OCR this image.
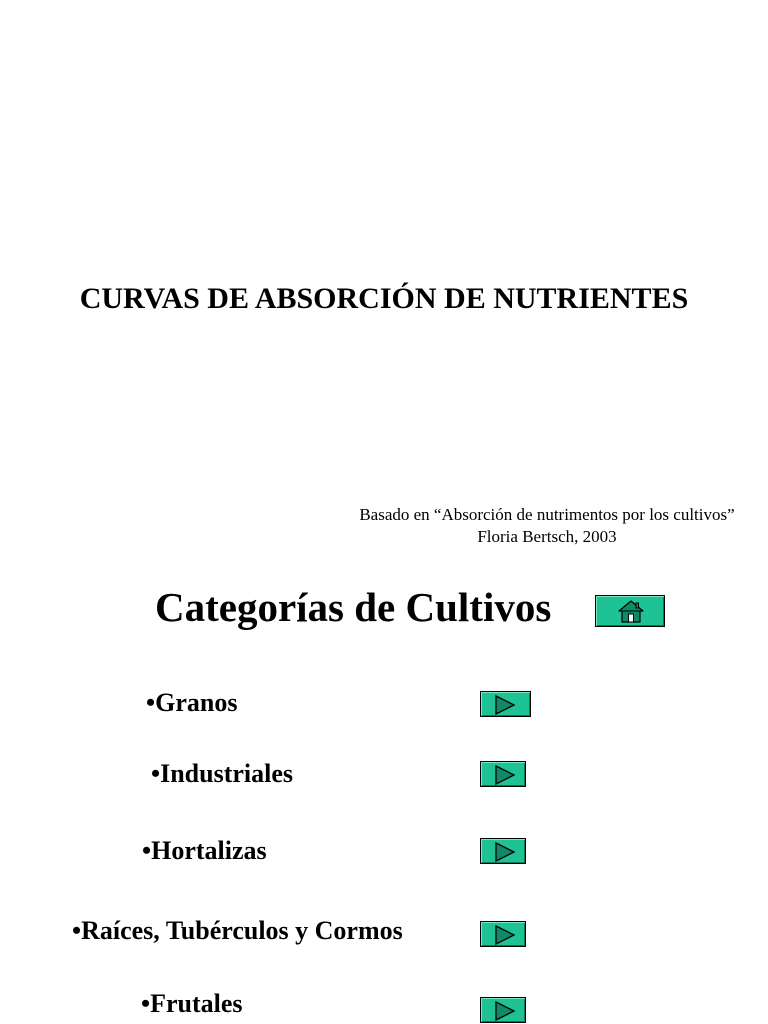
CURVAS DE ABSORCIÓN DE NUTRIENTES
Basado en “Absorción de nutrimentos por los cultivos”
Floria Bertsch, 2003
Categorías de Cultivos
•Granos
•Industriales
•Hortalizas
•Raíces, Tubérculos y Cormos
•Frutales
